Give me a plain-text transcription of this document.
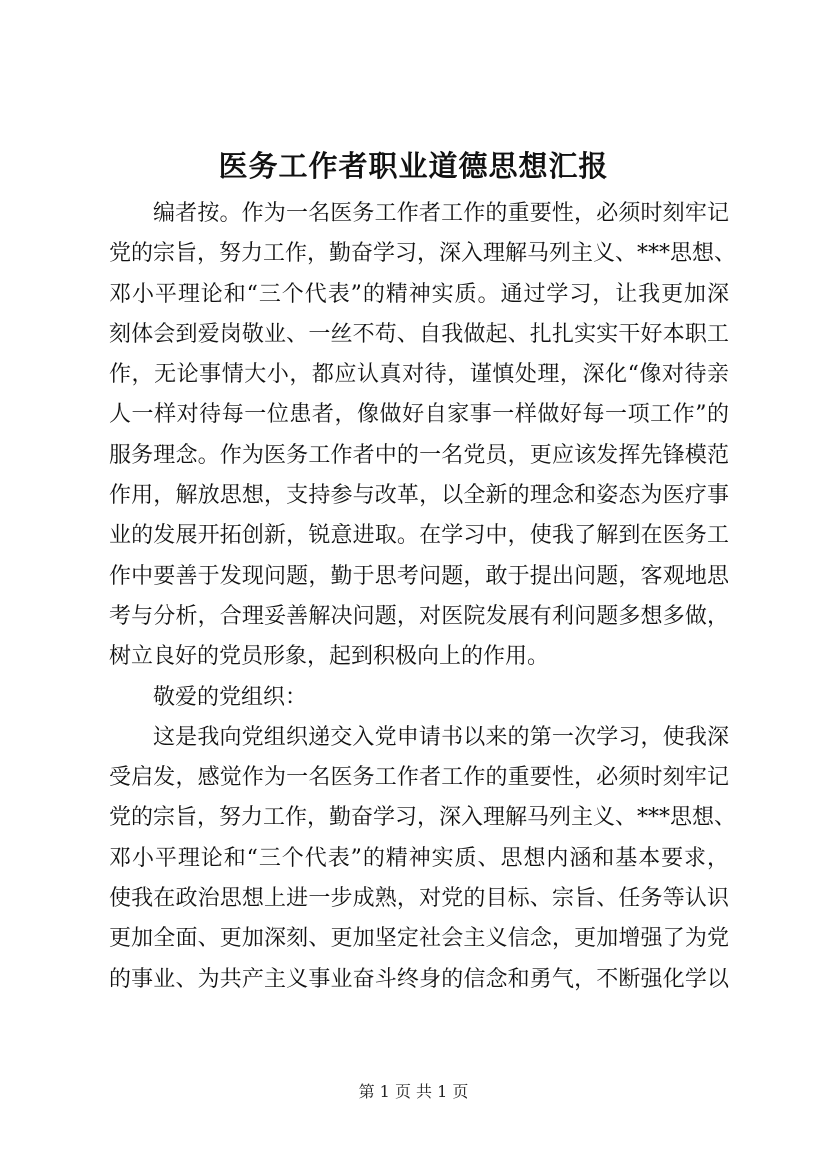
医务工作者职业道德思想汇报
编者按。作为一名医务工作者工作的重要性，必须时刻牢记
党的宗旨，努力工作，勤奋学习，深入理解马列主义、***思想、
邓小平理论和“三个代表”的精神实质。通过学习，让我更加深
刻体会到爱岗敬业、一丝不苟、自我做起、扎扎实实干好本职工
作，无论事情大小，都应认真对待，谨慎处理，深化“像对待亲
人一样对待每一位患者，像做好自家事一样做好每一项工作”的
服务理念。作为医务工作者中的一名党员，更应该发挥先锋模范
作用，解放思想，支持参与改革，以全新的理念和姿态为医疗事
业的发展开拓创新，锐意进取。在学习中，使我了解到在医务工
作中要善于发现问题，勤于思考问题，敢于提出问题，客观地思
考与分析，合理妥善解决问题，对医院发展有利问题多想多做，
树立良好的党员形象，起到积极向上的作用。
敬爱的党组织：
这是我向党组织递交入党申请书以来的第一次学习，使我深
受启发，感觉作为一名医务工作者工作的重要性，必须时刻牢记
党的宗旨，努力工作，勤奋学习，深入理解马列主义、***思想、
邓小平理论和“三个代表”的精神实质、思想内涵和基本要求，
使我在政治思想上进一步成熟，对党的目标、宗旨、任务等认识
更加全面、更加深刻、更加坚定社会主义信念，更加增强了为党
的事业、为共产主义事业奋斗终身的信念和勇气，不断强化学以
第 1 页 共 1 页
